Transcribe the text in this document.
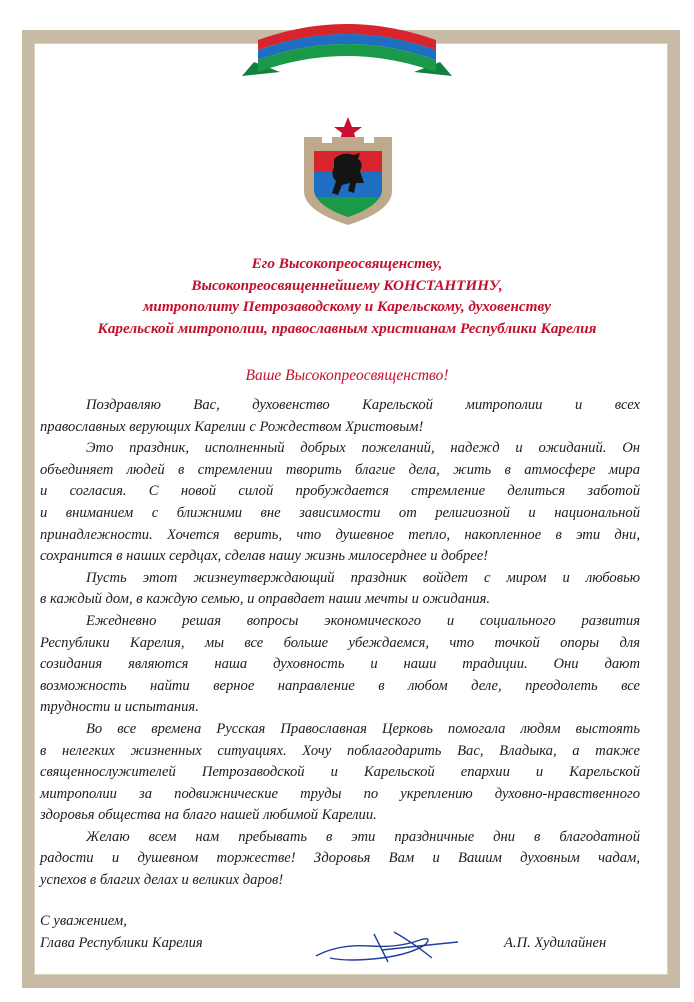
Его Высокопреосвященству,
Высокопреосвященнейшему КОНСТАНТИНУ,
митрополиту Петрозаводскому и Карельскому, духовенству
Карельской митрополии, православным христианам Республики Карелия
Ваше Высокопреосвященство!
Поздравляю Вас, духовенство Карельской митрополии и всех
православных верующих Карелии с Рождеством Христовым!
Это праздник, исполненный добрых пожеланий, надежд и ожиданий. Он
объединяет людей в стремлении творить благие дела, жить в атмосфере мира
и согласия. С новой силой пробуждается стремление делиться заботой
и вниманием с ближними вне зависимости от религиозной и национальной
принадлежности. Хочется верить, что душевное тепло, накопленное в эти дни,
сохранится в наших сердцах, сделав нашу жизнь милосерднее и добрее!
Пусть этот жизнеутверждающий праздник войдет с миром и любовью
в каждый дом, в каждую семью, и оправдает наши мечты и ожидания.
Ежедневно решая вопросы экономического и социального развития
Республики Карелия, мы все больше убеждаемся, что точкой опоры для
созидания являются наша духовность и наши традиции. Они дают
возможность найти верное направление в любом деле, преодолеть все
трудности и испытания.
Во все времена Русская Православная Церковь помогала людям выстоять
в нелегких жизненных ситуациях. Хочу поблагодарить Вас, Владыка, а также
священнослужителей Петрозаводской и Карельской епархии и Карельской
митрополии за подвижнические труды по укреплению духовно-нравственного
здоровья общества на благо нашей любимой Карелии.
Желаю всем нам пребывать в эти праздничные дни в благодатной
радости и душевном торжестве! Здоровья Вам и Вашим духовным чадам,
успехов в благих делах и великих даров!
С уважением,
Глава Республики Карелия	А.П. Худилайнен
